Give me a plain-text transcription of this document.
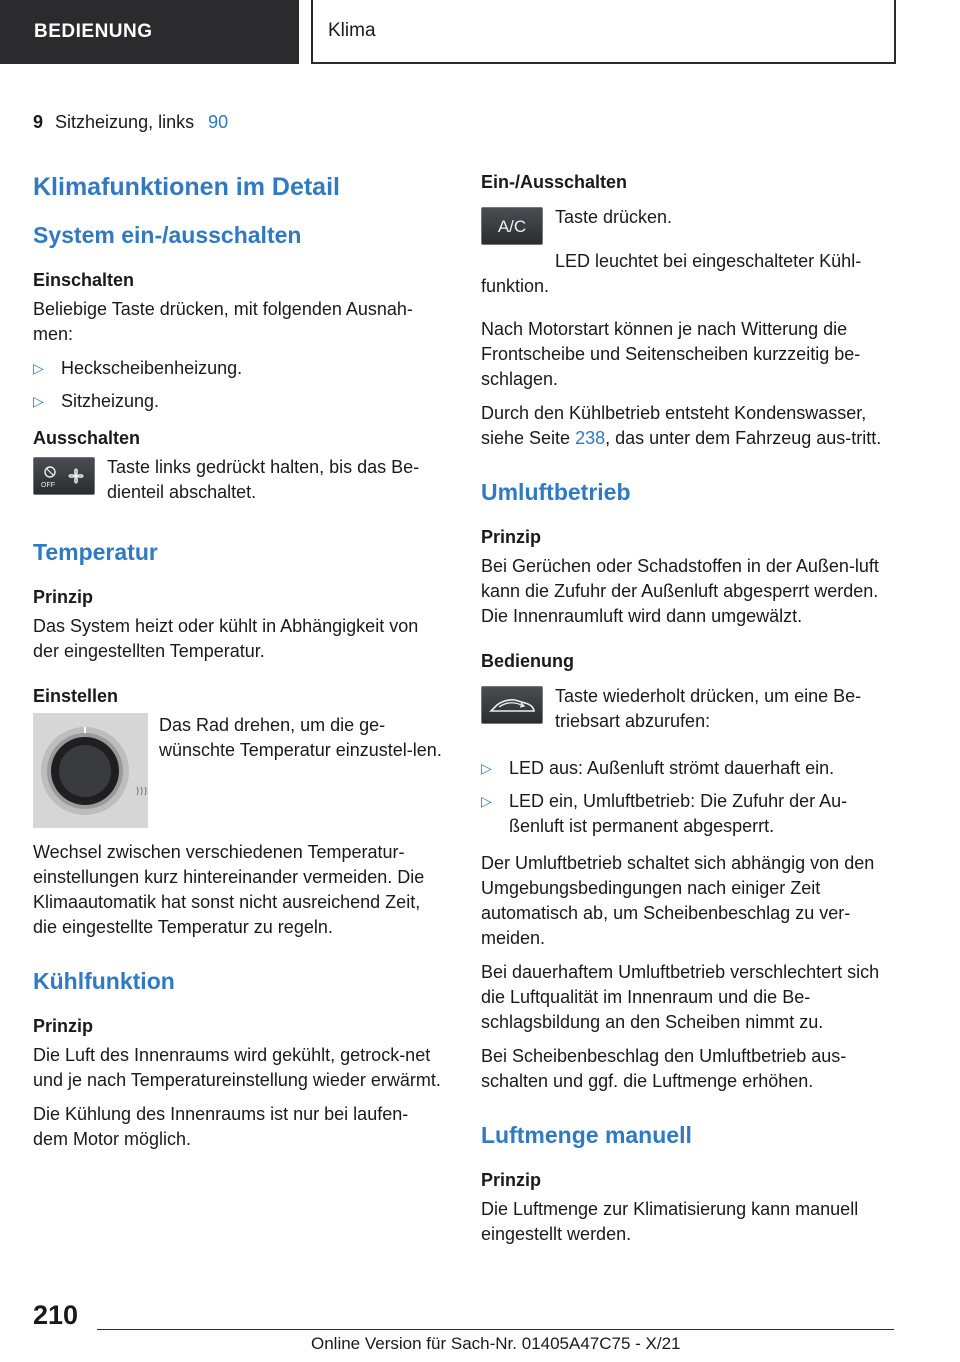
BEDIENUNG	Klima
9 Sitzheizung, links 90
Klimafunktionen im Detail
System ein-/ausschalten
Einschalten

Beliebige Taste drücken, mit folgenden Ausnah-men:

▷ Heckscheibenheizung.
▷ Sitzheizung.
Ausschalten
OFF

Taste links gedrückt halten, bis das Be-dienteil abschaltet.

Temperatur
Prinzip

Das System heizt oder kühlt in Abhängigkeit von der eingestellten Temperatur.

Einstellen

Das Rad drehen, um die ge-wünschte Temperatur einzustel-len.

Wechsel zwischen verschiedenen Temperatur-einstellungen kurz hintereinander vermeiden. Die Klimaautomatik hat sonst nicht ausreichend Zeit, die eingestellte Temperatur zu regeln.

Kühlfunktion
Prinzip

Die Luft des Innenraums wird gekühlt, getrock-net und je nach Temperatureinstellung wieder erwärmt.

Die Kühlung des Innenraums ist nur bei laufen-dem Motor möglich.

Ein-/Ausschalten
A/C Taste drücken.

LED leuchtet bei eingeschalteter Kühl-funktion.

Nach Motorstart können je nach Witterung die Frontscheibe und Seitenscheiben kurzzeitig be-schlagen.

Durch den Kühlbetrieb entsteht Kondenswasser, siehe Seite 238, das unter dem Fahrzeug aus-tritt.

Umluftbetrieb
Prinzip

Bei Gerüchen oder Schadstoffen in der Außen-luft kann die Zufuhr der Außenluft abgesperrt werden. Die Innenraumluft wird dann umgewälzt.

Bedienung

Taste wiederholt drücken, um eine Be-triebsart abzurufen:

▷ LED aus: Außenluft strömt dauerhaft ein.
▷ LED ein, Umluftbetrieb: Die Zufuhr der Au-ßenluft ist permanent abgesperrt.

Der Umluftbetrieb schaltet sich abhängig von den Umgebungsbedingungen nach einiger Zeit automatisch ab, um Scheibenbeschlag zu ver-meiden.

Bei dauerhaftem Umluftbetrieb verschlechtert sich die Luftqualität im Innenraum und die Be-schlagsbildung an den Scheiben nimmt zu.

Bei Scheibenbeschlag den Umluftbetrieb aus-schalten und ggf. die Luftmenge erhöhen.

Luftmenge manuell
Prinzip

Die Luftmenge zur Klimatisierung kann manuell eingestellt werden.

210
Online Version für Sach-Nr. 01405A47C75 - X/21
